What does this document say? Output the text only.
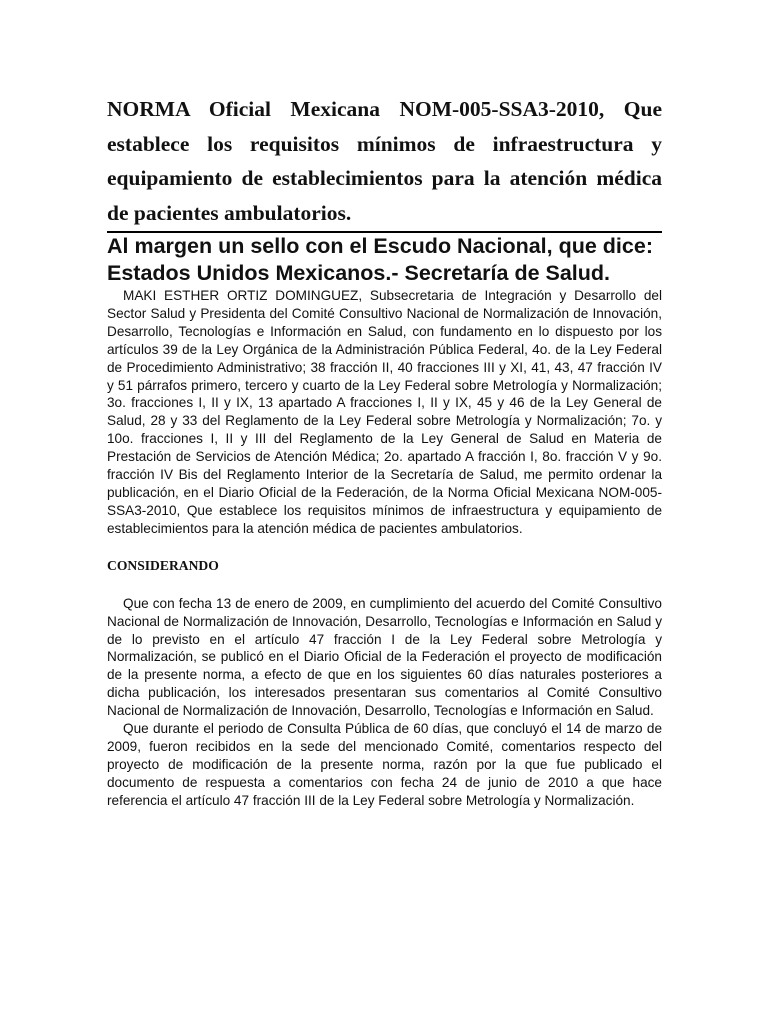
NORMA Oficial Mexicana NOM-005-SSA3-2010, Que establece los requisitos mínimos de infraestructura y equipamiento de establecimientos para la atención médica de pacientes ambulatorios.
Al margen un sello con el Escudo Nacional, que dice: Estados Unidos Mexicanos.- Secretaría de Salud.

MAKI ESTHER ORTIZ DOMINGUEZ, Subsecretaria de Integración y Desarrollo del Sector Salud y Presidenta del Comité Consultivo Nacional de Normalización de Innovación, Desarrollo, Tecnologías e Información en Salud, con fundamento en lo dispuesto por los artículos 39 de la Ley Orgánica de la Administración Pública Federal, 4o. de la Ley Federal de Procedimiento Administrativo; 38 fracción II, 40 fracciones III y XI, 41, 43, 47 fracción IV y 51 párrafos primero, tercero y cuarto de la Ley Federal sobre Metrología y Normalización; 3o. fracciones I, II y IX, 13 apartado A fracciones I, II y IX, 45 y 46 de la Ley General de Salud, 28 y 33 del Reglamento de la Ley Federal sobre Metrología y Normalización; 7o. y 10o. fracciones I, II y III del Reglamento de la Ley General de Salud en Materia de Prestación de Servicios de Atención Médica; 2o. apartado A fracción I, 8o. fracción V y 9o. fracción IV Bis del Reglamento Interior de la Secretaría de Salud, me permito ordenar la publicación, en el Diario Oficial de la Federación, de la Norma Oficial Mexicana NOM-005-SSA3-2010, Que establece los requisitos mínimos de infraestructura y equipamiento de establecimientos para la atención médica de pacientes ambulatorios.

CONSIDERANDO

Que con fecha 13 de enero de 2009, en cumplimiento del acuerdo del Comité Consultivo Nacional de Normalización de Innovación, Desarrollo, Tecnologías e Información en Salud y de lo previsto en el artículo 47 fracción I de la Ley Federal sobre Metrología y Normalización, se publicó en el Diario Oficial de la Federación el proyecto de modificación de la presente norma, a efecto de que en los siguientes 60 días naturales posteriores a dicha publicación, los interesados presentaran sus comentarios al Comité Consultivo Nacional de Normalización de Innovación, Desarrollo, Tecnologías e Información en Salud.

Que durante el periodo de Consulta Pública de 60 días, que concluyó el 14 de marzo de 2009, fueron recibidos en la sede del mencionado Comité, comentarios respecto del proyecto de modificación de la presente norma, razón por la que fue publicado el documento de respuesta a comentarios con fecha 24 de junio de 2010 a que hace referencia el artículo 47 fracción III de la Ley Federal sobre Metrología y Normalización.
